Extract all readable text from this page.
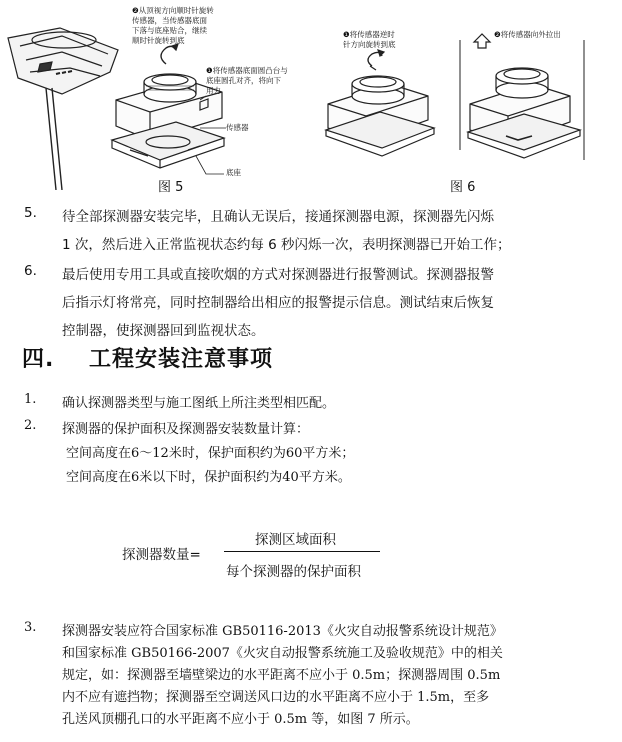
❷从顶视方向顺时针旋转
传感器，当传感器底面
下落与底座贴合，继续
顺时针旋转到底
❶将传感器底面圆凸台与
底座圆孔对齐，将向下
用力
传感器
底座
图 5
❶将传感器逆时
针方向旋转到底
❷将传感器向外拉出
图 6
5. 待全部探测器安装完毕，且确认无误后，接通探测器电源，探测器先闪烁
1 次，然后进入正常监视状态约每 6 秒闪烁一次，表明探测器已开始工作；
6. 最后使用专用工具或直接吹烟的方式对探测器进行报警测试。探测器报警
后指示灯将常亮，同时控制器给出相应的报警提示信息。测试结束后恢复
控制器，使探测器回到监视状态。
四.    工程安装注意事项
1. 确认探测器类型与施工图纸上所注类型相匹配。
2. 探测器的保护面积及探测器安装数量计算：
空间高度在6～12米时，保护面积约为60平方米；
空间高度在6米以下时，保护面积约为40平方米。
探测器数量=
探测区域面积
每个探测器的保护面积
3. 探测器安装应符合国家标准 GB50116-2013《火灾自动报警系统设计规范》
和国家标准 GB50166-2007《火灾自动报警系统施工及验收规范》中的相关
规定，如：探测器至墙壁梁边的水平距离不应小于 0.5m；探测器周围 0.5m
内不应有遮挡物；探测器至空调送风口边的水平距离不应小于 1.5m，至多
孔送风顶棚孔口的水平距离不应小于 0.5m 等，如图 7 所示。
